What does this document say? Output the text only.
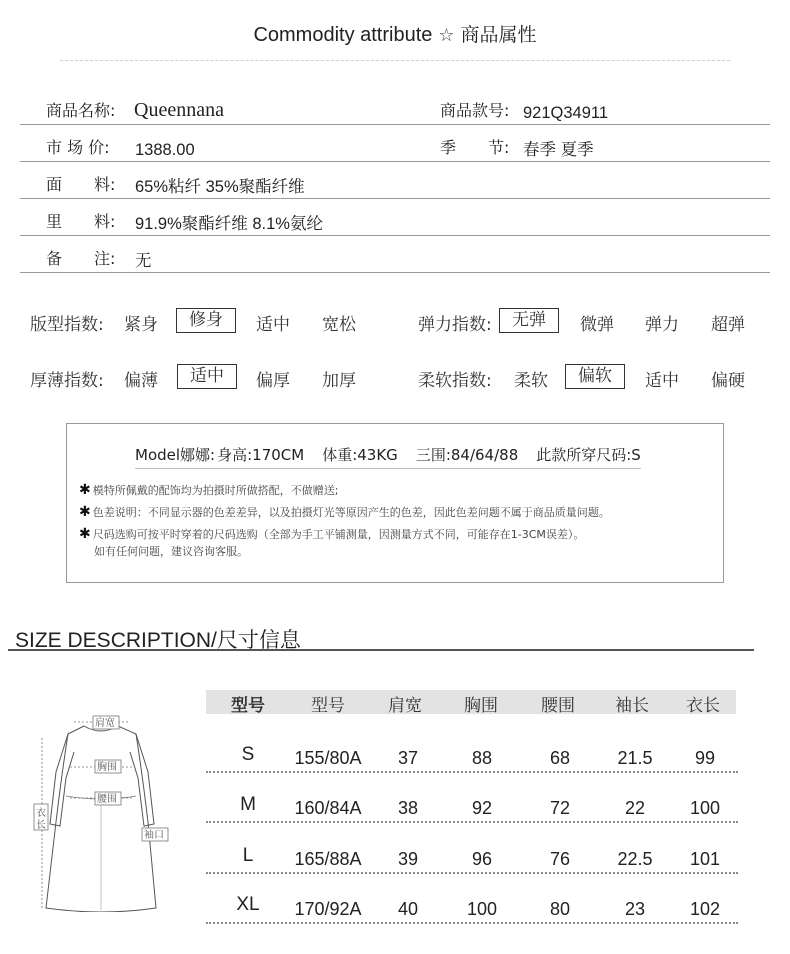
Commodity attribute ☆ 商品属性
商品名称: Queennana	商品款号: 921Q34911
市 场 价: 1388.00	季　　节: 春季 夏季
面　　料: 65%粘纤 35%聚酯纤维
里　　料: 91.9%聚酯纤维 8.1%氨纶
备　　注: 无
版型指数: 紧身	修身	适中 宽松	弹力指数:	无弹	微弹 弹力 超弹
厚薄指数: 偏薄	适中	偏厚 加厚	柔软指数: 柔软	偏软	适中 偏硬
Model娜娜: 身高:170CM 体重:43KG 三围:84/64/88 此款所穿尺码:S
✱ 模特所佩戴的配饰均为拍摄时所做搭配，不做赠送;
✱ 色差说明：不同显示器的色差差异，以及拍摄灯光等原因产生的色差，因此色差问题不属于商品质量问题。
✱ 尺码选购可按平时穿着的尺码选购（全部为手工平铺测量，因测量方式不同，可能存在1-3CM误差）。
如有任何问题，建议咨询客服。
SIZE DESCRIPTION/尺寸信息
肩宽
胸围
腰围
衣
长
袖口
型号	型号	肩宽	胸围	腰围	袖长	衣长
S	155/80A	37	88	68	21.5	99
M	160/84A	38	92	72	22	100
L	165/88A	39	96	76	22.5	101
XL	170/92A	40	100	80	23	102
